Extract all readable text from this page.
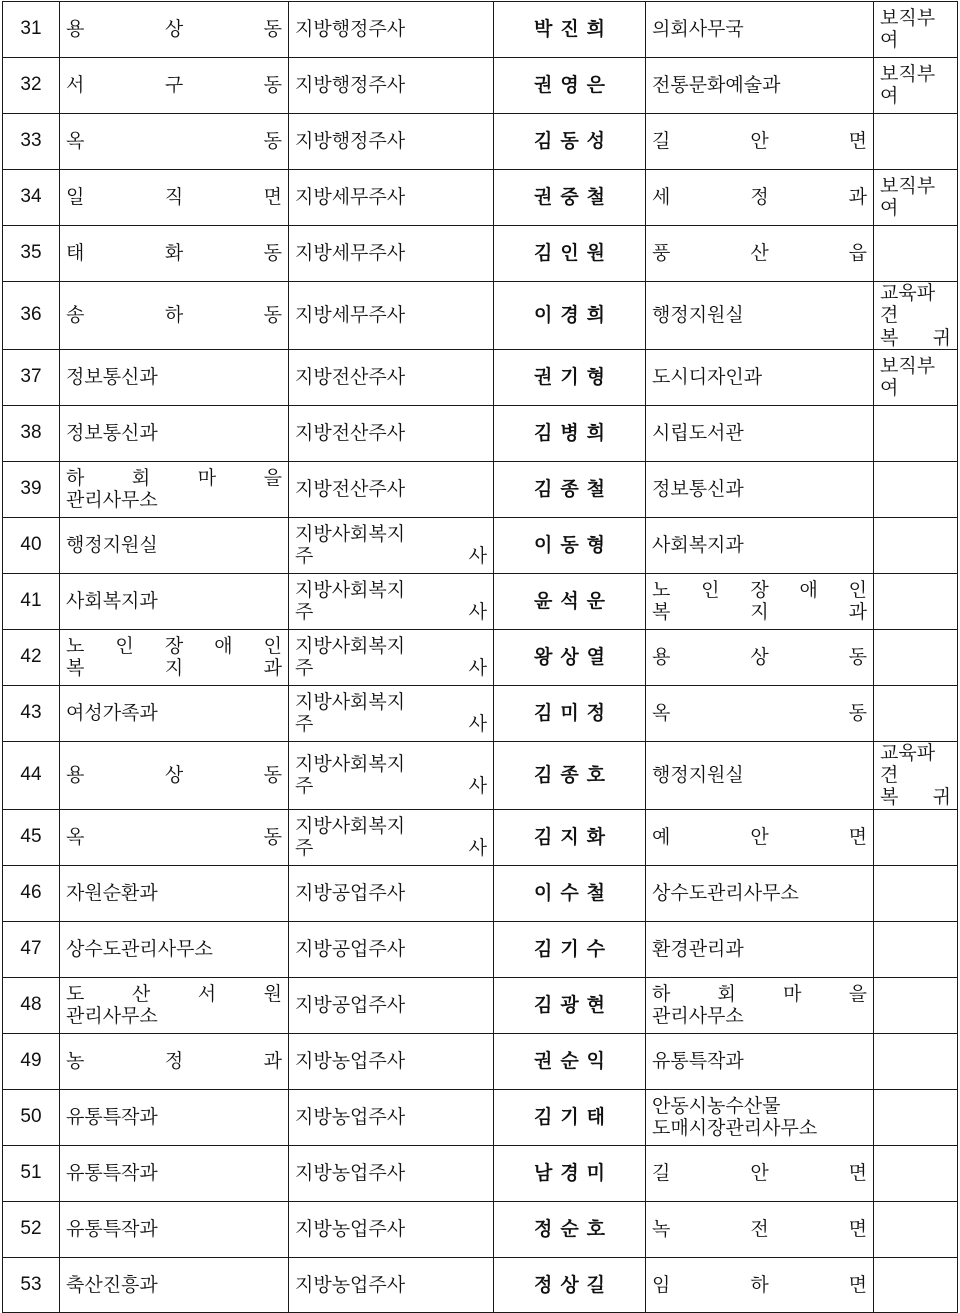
31	용 상 동	지방행정주사	박진희	의회사무국	보직부여

32	서 구 동	지방행정주사	권영은	전통문화예술과	보직부여

33	옥 동	지방행정주사	김동성	길 안 면	

34	일 직 면	지방세무주사	권중철	세 정 과	보직부여

35	태 화 동	지방세무주사	김인원	풍 산 읍	

36	송 하 동	지방세무주사	이경희	행정지원실	교육파견
복 귀

37	정보통신과	지방전산주사	권기형	도시디자인과	보직부여

38	정보통신과	지방전산주사	김병희	시립도서관	

39	하 회 마 을
관리사무소	지방전산주사	김종철	정보통신과	

40	행정지원실	지방사회복지
주 사	이동형	사회복지과	

41	사회복지과	지방사회복지
주 사	윤석운	노 인 장 애 인
복 지 과	

42	노 인 장 애 인
복 지 과	지방사회복지
주 사	왕상열	용 상 동	

43	여성가족과	지방사회복지
주 사	김미정	옥 동	

44	용 상 동	지방사회복지
주 사	김종호	행정지원실	교육파견
복 귀

45	옥 동	지방사회복지
주 사	김지화	예 안 면	

46	자원순환과	지방공업주사	이수철	상수도관리사무소	

47	상수도관리사무소	지방공업주사	김기수	환경관리과	

48	도 산 서 원
관리사무소	지방공업주사	김광현	하 회 마 을
관리사무소	

49	농 정 과	지방농업주사	권순익	유통특작과	

50	유통특작과	지방농업주사	김기태	안동시농수산물
도매시장관리사무소	

51	유통특작과	지방농업주사	남경미	길 안 면	

52	유통특작과	지방농업주사	정순호	녹 전 면	

53	축산진흥과	지방농업주사	정상길	임 하 면	
